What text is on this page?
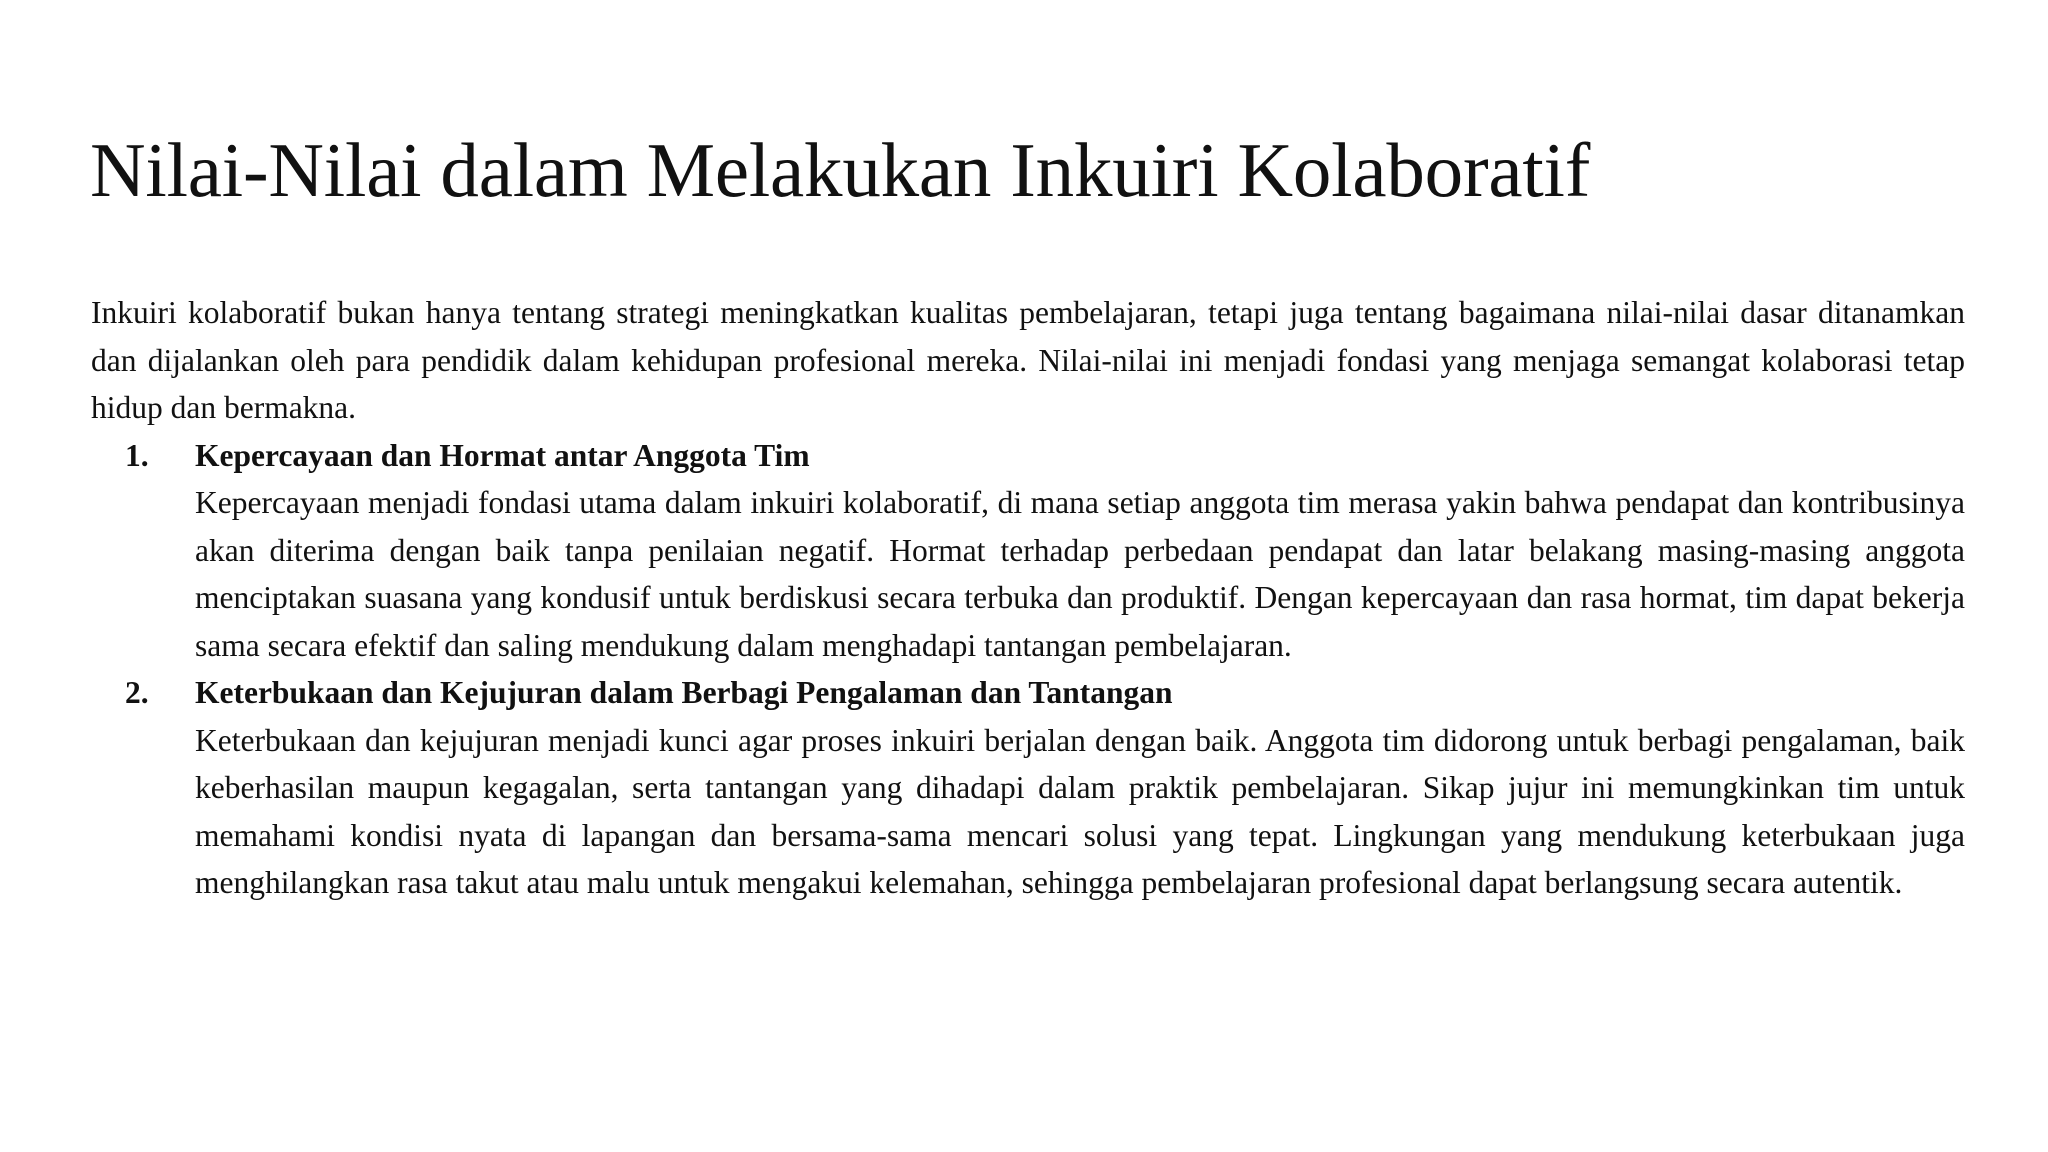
Nilai-Nilai dalam Melakukan Inkuiri Kolaboratif

Inkuiri kolaboratif bukan hanya tentang strategi meningkatkan kualitas pembelajaran, tetapi juga tentang bagaimana nilai-nilai dasar ditanamkan dan dijalankan oleh para pendidik dalam kehidupan profesional mereka. Nilai-nilai ini menjadi fondasi yang menjaga semangat kolaborasi tetap hidup dan bermakna.

1. Kepercayaan dan Hormat antar Anggota Tim

Kepercayaan menjadi fondasi utama dalam inkuiri kolaboratif, di mana setiap anggota tim merasa yakin bahwa pendapat dan kontribusinya akan diterima dengan baik tanpa penilaian negatif. Hormat terhadap perbedaan pendapat dan latar belakang masing-masing anggota menciptakan suasana yang kondusif untuk berdiskusi secara terbuka dan produktif. Dengan kepercayaan dan rasa hormat, tim dapat bekerja sama secara efektif dan saling mendukung dalam menghadapi tantangan pembelajaran.

2. Keterbukaan dan Kejujuran dalam Berbagi Pengalaman dan Tantangan

Keterbukaan dan kejujuran menjadi kunci agar proses inkuiri berjalan dengan baik. Anggota tim didorong untuk berbagi pengalaman, baik keberhasilan maupun kegagalan, serta tantangan yang dihadapi dalam praktik pembelajaran. Sikap jujur ini memungkinkan tim untuk memahami kondisi nyata di lapangan dan bersama-sama mencari solusi yang tepat. Lingkungan yang mendukung keterbukaan juga menghilangkan rasa takut atau malu untuk mengakui kelemahan, sehingga pembelajaran profesional dapat berlangsung secara autentik.
